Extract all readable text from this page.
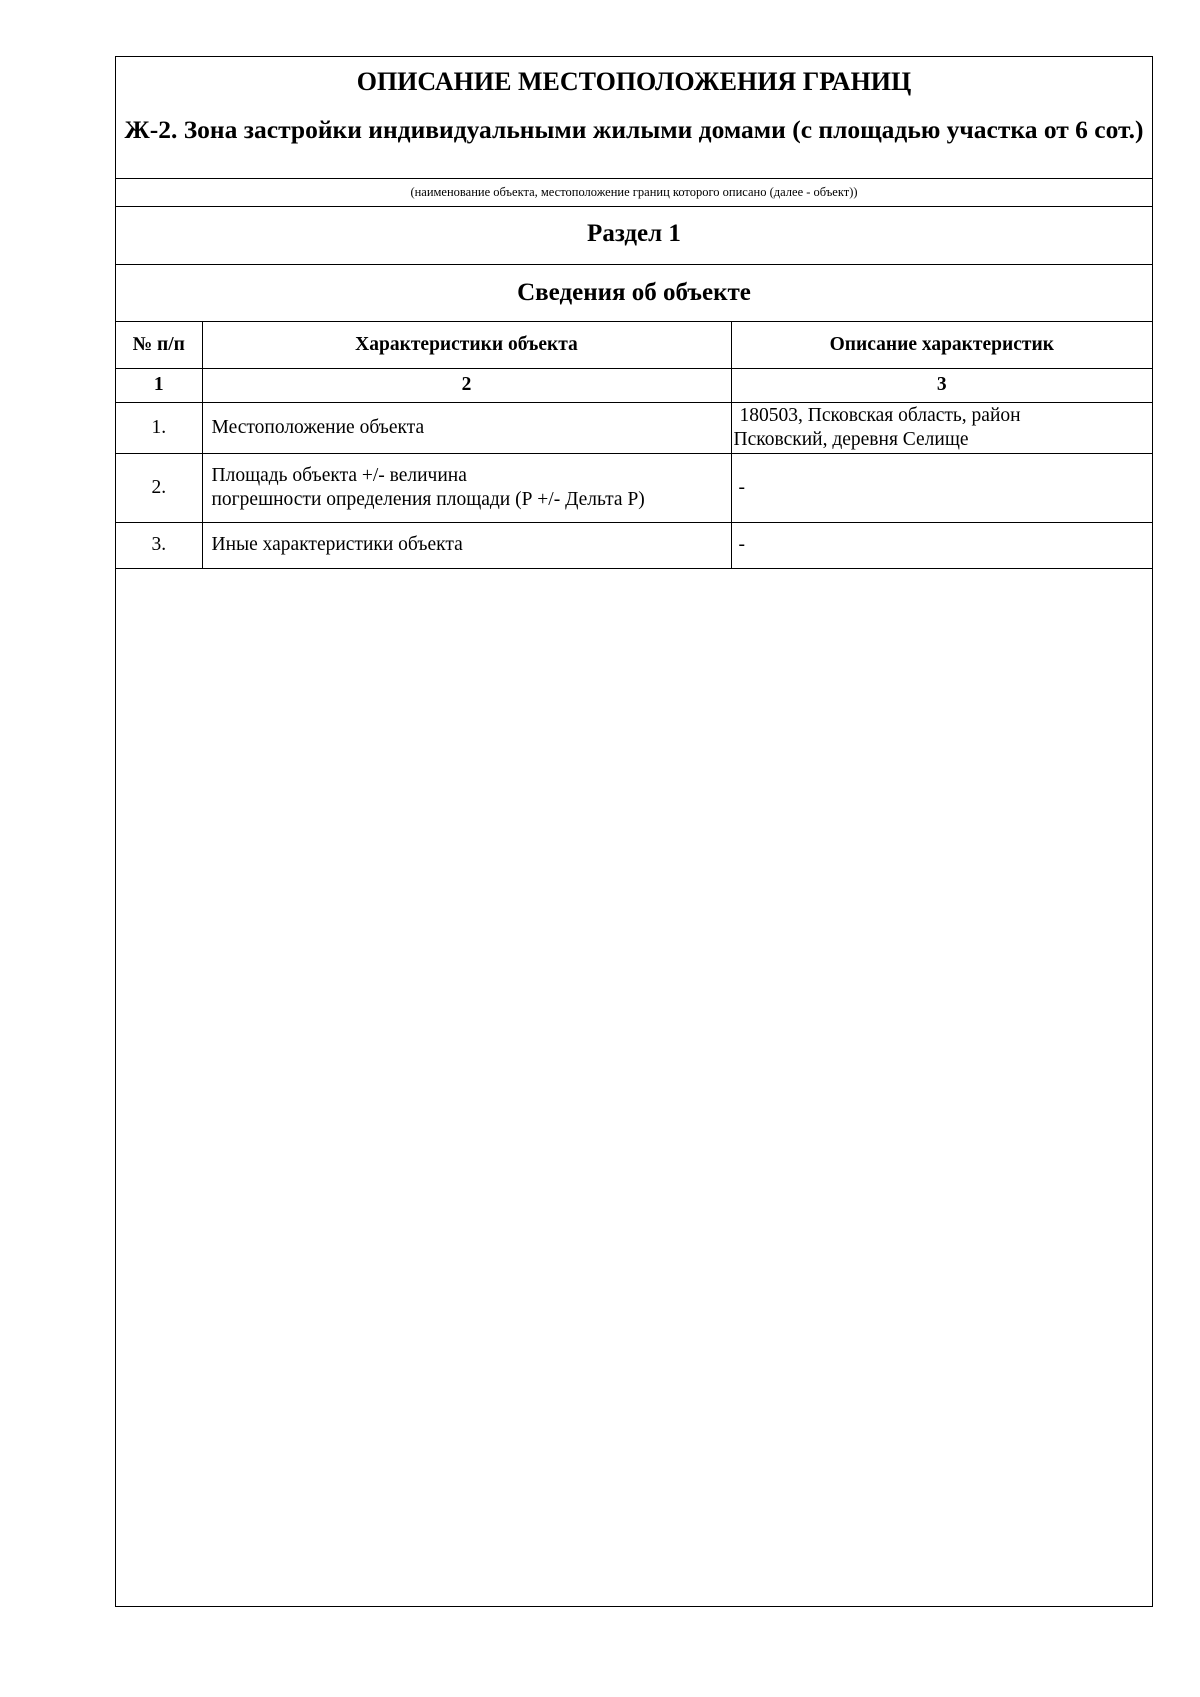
ОПИСАНИЕ МЕСТОПОЛОЖЕНИЯ ГРАНИЦ
Ж-2. Зона застройки индивидуальными жилыми домами (с площадью участка от 6 сот.)
(наименование объекта, местоположение границ которого описано (далее - объект))
Раздел 1
Сведения об объекте
№ п/п	Характеристики объекта	Описание характеристик
1	2	3
1.	Местоположение объекта	180503, Псковская область, район
Псковский, деревня Селище

2.	Площадь объекта +/- величина
погрешности определения площади (Р +/- Дельта Р)	-
3.	Иные характеристики объекта	-
